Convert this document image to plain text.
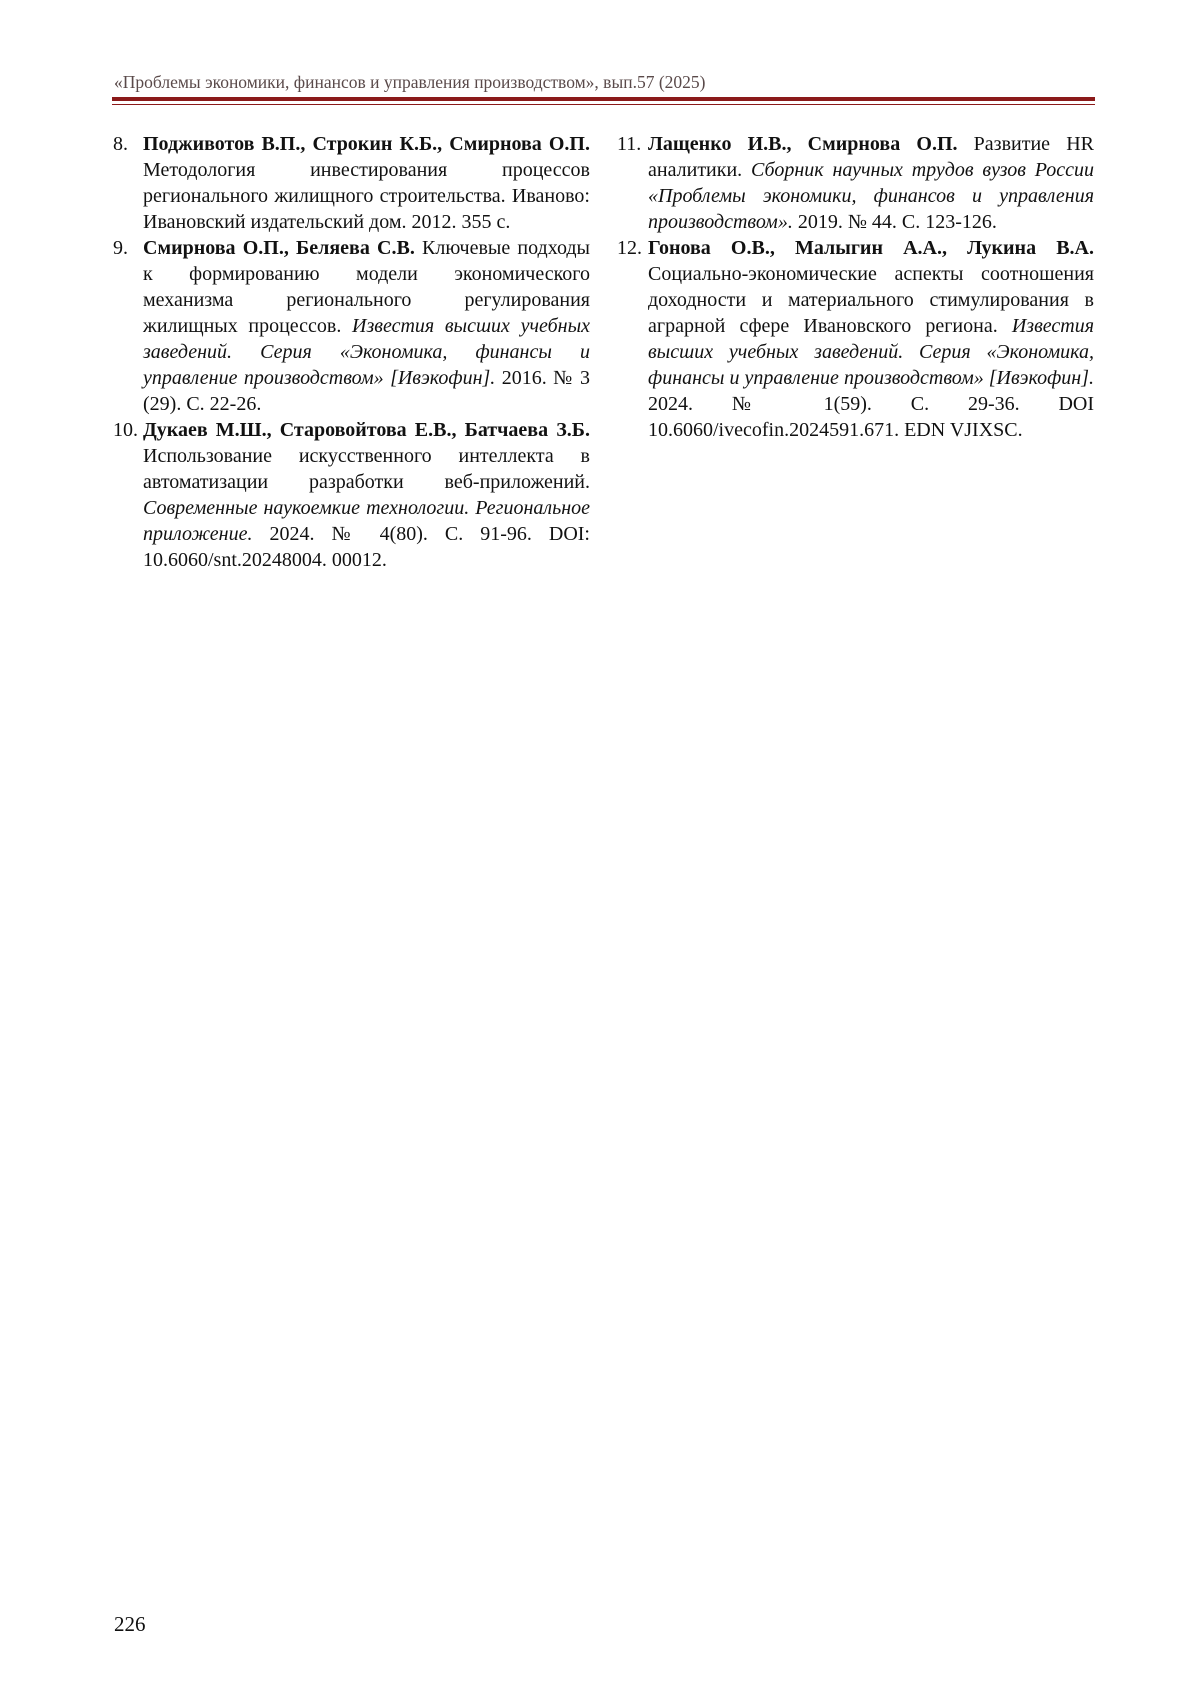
«Проблемы экономики, финансов и управления производством», вып.57 (2025)
8. Подживотов В.П., Строкин К.Б., Смирнова О.П. Методология инвестирования процессов регионального жилищного строительства. Иваново: Ивановский издательский дом. 2012. 355 с.
9. Смирнова О.П., Беляева С.В. Ключевые подходы к формированию модели экономического механизма регионального регулирования жилищных процессов. Известия высших учебных заведений. Серия «Экономика, финансы и управление производством» [Ивэкофин]. 2016. № 3 (29). С. 22-26.
10. Дукаев М.Ш., Старовойтова Е.В., Батчаева З.Б. Использование искусственного интеллекта в автоматизации разработки веб-приложений. Современные наукоемкие технологии. Региональное приложение. 2024. № 4(80). С. 91-96. DOI: 10.6060/snt.20248004. 00012.
11. Лащенко И.В., Смирнова О.П. Развитие HR аналитики. Сборник научных трудов вузов России «Проблемы экономики, финансов и управления производством». 2019. № 44. С. 123-126.
12. Гонова О.В., Малыгин А.А., Лукина В.А. Социально-экономические аспекты соотношения доходности и материального стимулирования в аграрной сфере Ивановского региона. Известия высших учебных заведений. Серия «Экономика, финансы и управление производством» [Ивэкофин]. 2024. № 1(59). С. 29-36. DOI 10.6060/ivecofin.2024591.671. EDN VJIXSC.
226
